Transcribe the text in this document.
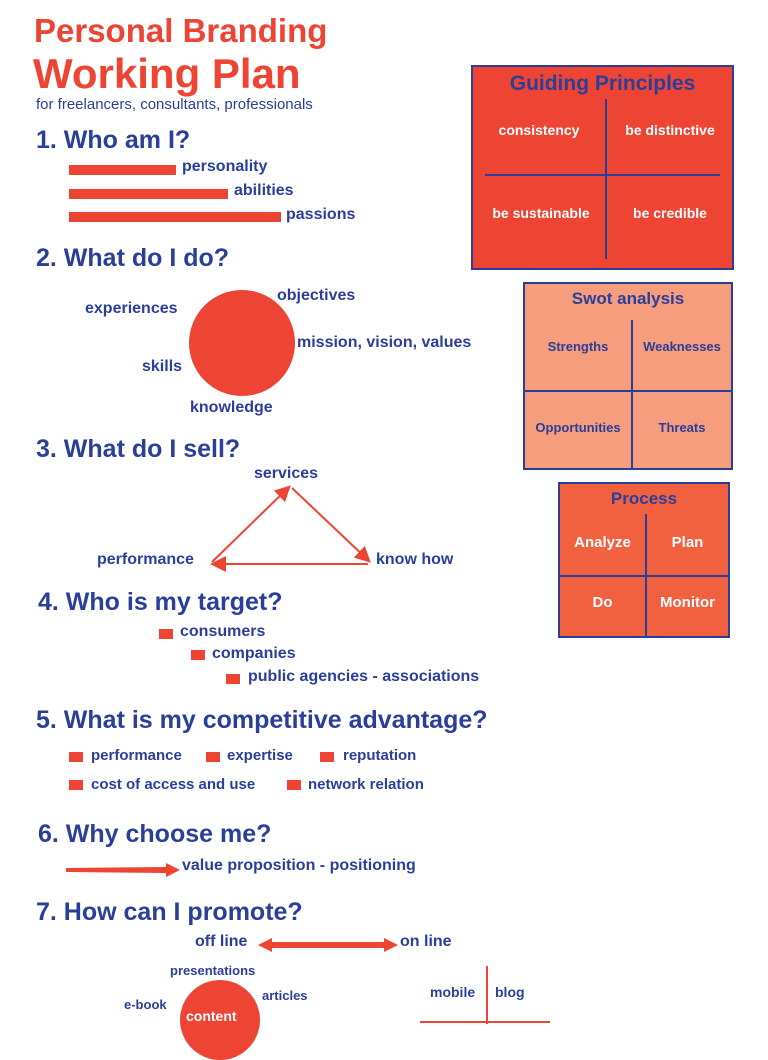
Personal Branding
Working Plan
for freelancers, consultants, professionals
1. Who am I?
personality
abilities
passions
2. What do I do?
experiences
objectives
mission, vision, values
skills
knowledge
3. What do I sell?
services
performance	know how
4. Who is my target?
consumers
companies
public agencies - associations
5. What is my competitive advantage?
performance	expertise	reputation
cost of access and use	network relation
6. Why choose me?
value proposition - positioning
7. How can I promote?
off line	on line
content
presentations
e-book
articles	mobile blog
Guiding Principles
consistency	be distinctive
be sustainable	be credible
Swot analysis
Strengths	Weaknesses
Opportunities	Threats
Process
Analyze	Plan
Do	Monitor
